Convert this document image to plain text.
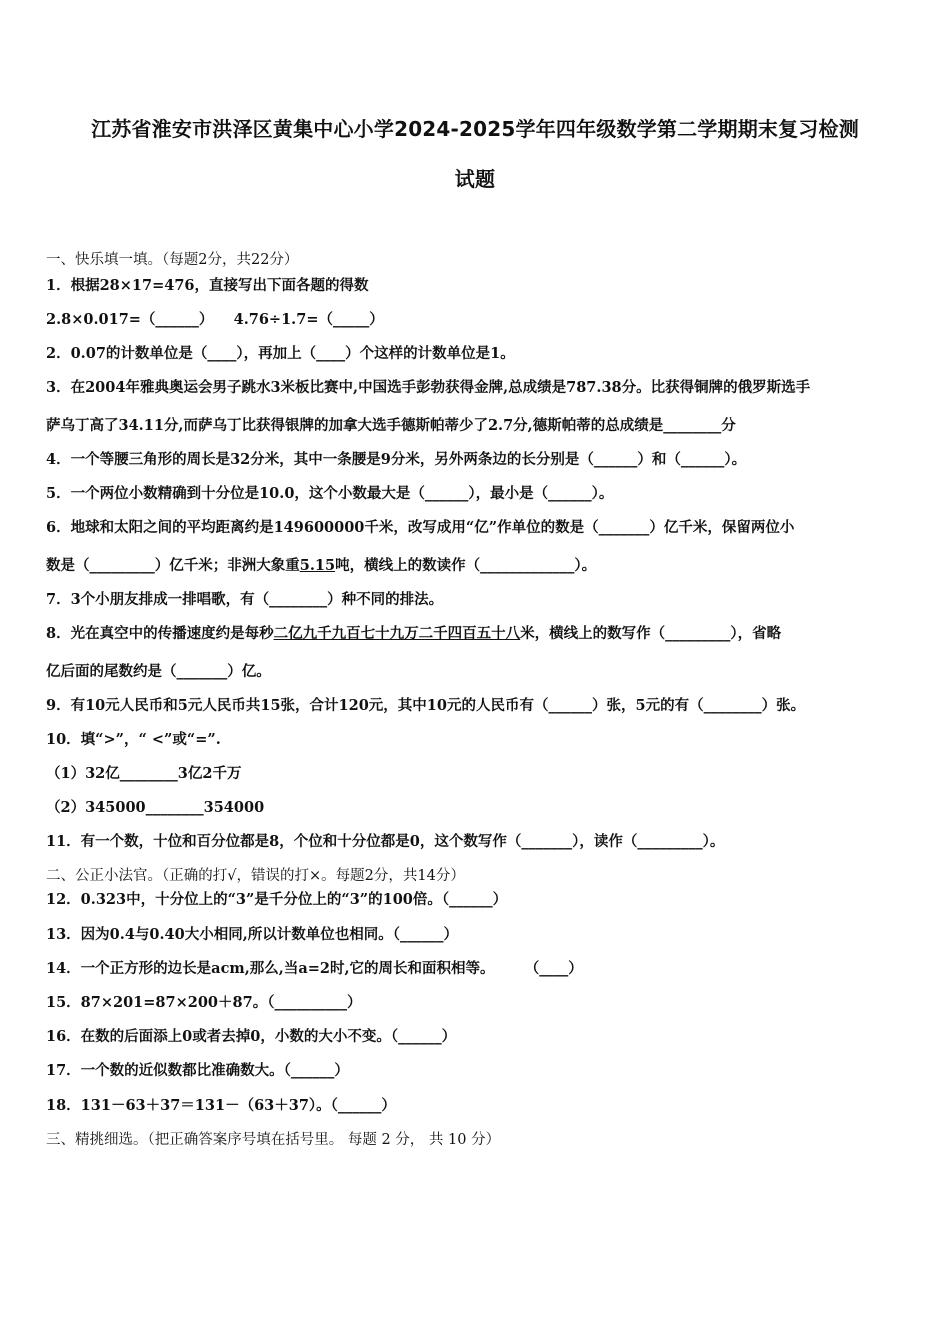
江苏省淮安市洪泽区黄集中心小学2024-2025学年四年级数学第二学期期末复习检测
试题
一、快乐填一填。（每题2分，共22分）
1．根据28×17=476，直接写出下面各题的得数
2.8×0.017=（______）    4.76÷1.7=（_____）
2．0.07的计数单位是（____），再加上（____）个这样的计数单位是1。
3．在2004年雅典奥运会男子跳水3米板比赛中,中国选手彭勃获得金牌,总成绩是787.38分。比获得铜牌的俄罗斯选手
萨乌丁高了34.11分,而萨乌丁比获得银牌的加拿大选手德斯帕蒂少了2.7分,德斯帕蒂的总成绩是________分
4．一个等腰三角形的周长是32分米，其中一条腰是9分米，另外两条边的长分别是（______）和（______）。
5．一个两位小数精确到十分位是10.0，这个小数最大是（______），最小是（______）。
6．地球和太阳之间的平均距离约是149600000千米，改写成用“亿”作单位的数是（_______）亿千米，保留两位小
数是（_________）亿千米；非洲大象重5.15吨，横线上的数读作（_____________）。
7．3个小朋友排成一排唱歌，有（________）种不同的排法。
8．光在真空中的传播速度约是每秒二亿九千九百七十九万二千四百五十八米，横线上的数写作（_________），省略
亿后面的尾数约是（_______）亿。
9．有10元人民币和5元人民币共15张，合计120元，其中10元的人民币有（______）张，5元的有（________）张。
10．填“>”，“ <”或“=”.
（1）32亿________3亿2千万
（2）345000________354000
11．有一个数，十位和百分位都是8，个位和十分位都是0，这个数写作（_______），读作（_________）。
二、公正小法官。（正确的打√，错误的打×。每题2分，共14分）
12．0.323中，十分位上的“3”是千分位上的“3”的100倍。（______）
13．因为0.4与0.40大小相同,所以计数单位也相同。（______）
14．一个正方形的边长是acm,那么,当a=2时,它的周长和面积相等。      （____）
15．87×201=87×200＋87。（__________）
16．在数的后面添上0或者去掉0，小数的大小不变。（______）
17．一个数的近似数都比准确数大。（______）
18．131－63＋37＝131－（63＋37）。（______）
三、精挑细选。（把正确答案序号填在括号里。 每题 2 分， 共 10 分）
